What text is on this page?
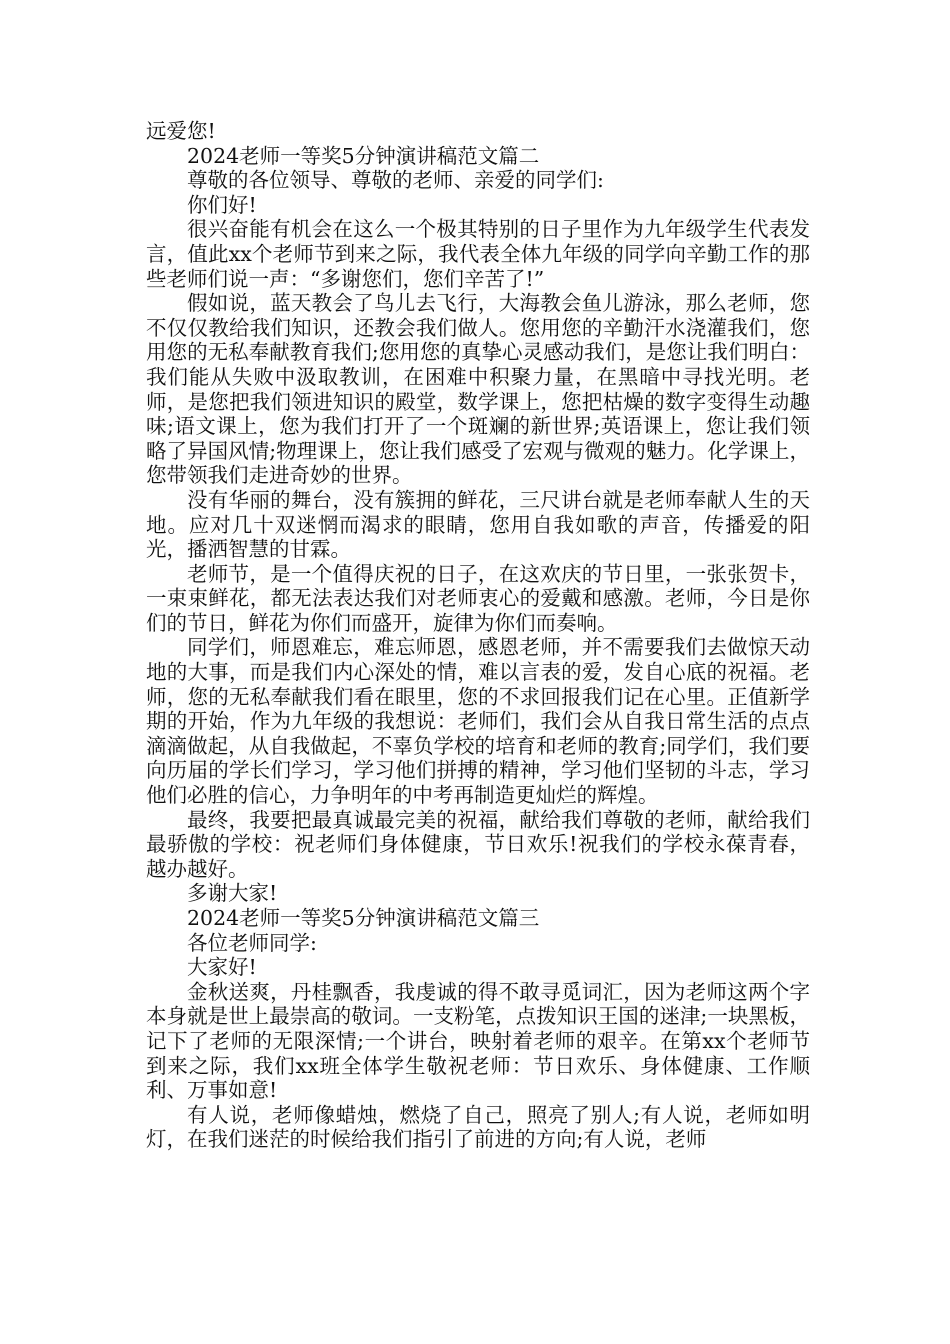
远爱您!

2024老师一等奖5分钟演讲稿范文篇二

尊敬的各位领导、尊敬的老师、亲爱的同学们:

你们好!

很兴奋能有机会在这么一个极其特别的日子里作为九年级学生代表发言，值此xx个老师节到来之际，我代表全体九年级的同学向辛勤工作的那些老师们说一声：“多谢您们，您们辛苦了!”

假如说，蓝天教会了鸟儿去飞行，大海教会鱼儿游泳，那么老师，您不仅仅教给我们知识，还教会我们做人。您用您的辛勤汗水浇灌我们，您用您的无私奉献教育我们;您用您的真挚心灵感动我们，是您让我们明白：我们能从失败中汲取教训，在困难中积聚力量，在黑暗中寻找光明。老师，是您把我们领进知识的殿堂，数学课上，您把枯燥的数字变得生动趣味;语文课上，您为我们打开了一个斑斓的新世界;英语课上，您让我们领略了异国风情;物理课上，您让我们感受了宏观与微观的魅力。化学课上，您带领我们走进奇妙的世界。

没有华丽的舞台，没有簇拥的鲜花，三尺讲台就是老师奉献人生的天地。应对几十双迷惘而渴求的眼睛，您用自我如歌的声音，传播爱的阳光，播洒智慧的甘霖。

老师节，是一个值得庆祝的日子，在这欢庆的节日里，一张张贺卡，一束束鲜花，都无法表达我们对老师衷心的爱戴和感激。老师，今日是你们的节日，鲜花为你们而盛开，旋律为你们而奏响。

同学们，师恩难忘，难忘师恩，感恩老师，并不需要我们去做惊天动地的大事，而是我们内心深处的情，难以言表的爱，发自心底的祝福。老师，您的无私奉献我们看在眼里，您的不求回报我们记在心里。正值新学期的开始，作为九年级的我想说：老师们，我们会从自我日常生活的点点滴滴做起，从自我做起，不辜负学校的培育和老师的教育;同学们，我们要向历届的学长们学习，学习他们拼搏的精神，学习他们坚韧的斗志，学习他们必胜的信心，力争明年的中考再制造更灿烂的辉煌。

最终，我要把最真诚最完美的祝福，献给我们尊敬的老师，献给我们最骄傲的学校：祝老师们身体健康，节日欢乐!祝我们的学校永葆青春，越办越好。

多谢大家!

2024老师一等奖5分钟演讲稿范文篇三

各位老师同学:

大家好!

金秋送爽，丹桂飘香，我虔诚的得不敢寻觅词汇，因为老师这两个字本身就是世上最崇高的敬词。一支粉笔，点拨知识王国的迷津;一块黑板，记下了老师的无限深情;一个讲台，映射着老师的艰辛。在第xx个老师节到来之际，我们xx班全体学生敬祝老师：节日欢乐、身体健康、工作顺利、万事如意!

有人说，老师像蜡烛，燃烧了自己，照亮了别人;有人说，老师如明灯，在我们迷茫的时候给我们指引了前进的方向;有人说，老师
